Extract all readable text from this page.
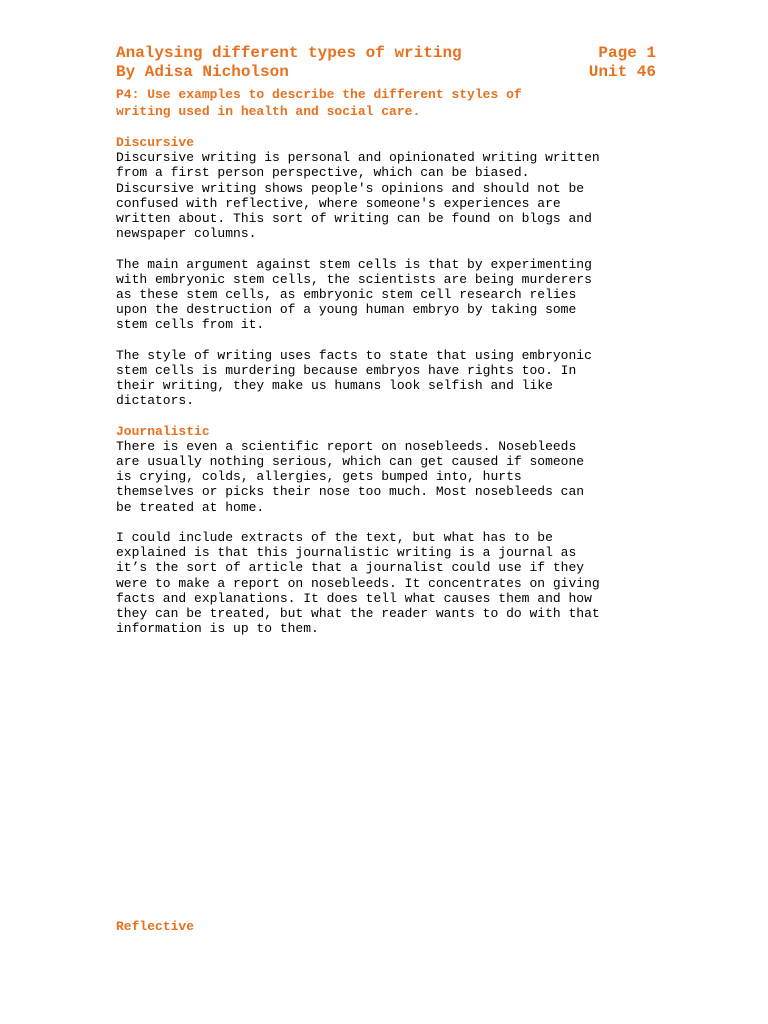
Analysing different types of writing	Page 1
By Adisa Nicholson	Unit 46
P4: Use examples to describe the different styles of
writing used in health and social care.
Discursive

Discursive writing is personal and opinionated writing written
from a first person perspective, which can be biased.
Discursive writing shows people's opinions and should not be
confused with reflective, where someone's experiences are
written about. This sort of writing can be found on blogs and
newspaper columns.

The main argument against stem cells is that by experimenting
with embryonic stem cells, the scientists are being murderers
as these stem cells, as embryonic stem cell research relies
upon the destruction of a young human embryo by taking some
stem cells from it.

The style of writing uses facts to state that using embryonic
stem cells is murdering because embryos have rights too. In
their writing, they make us humans look selfish and like
dictators.

Journalistic

There is even a scientific report on nosebleeds. Nosebleeds
are usually nothing serious, which can get caused if someone
is crying, colds, allergies, gets bumped into, hurts
themselves or picks their nose too much. Most nosebleeds can
be treated at home.

I could include extracts of the text, but what has to be
explained is that this journalistic writing is a journal as
it’s the sort of article that a journalist could use if they
were to make a report on nosebleeds. It concentrates on giving
facts and explanations. It does tell what causes them and how
they can be treated, but what the reader wants to do with that
information is up to them.

Reflective
